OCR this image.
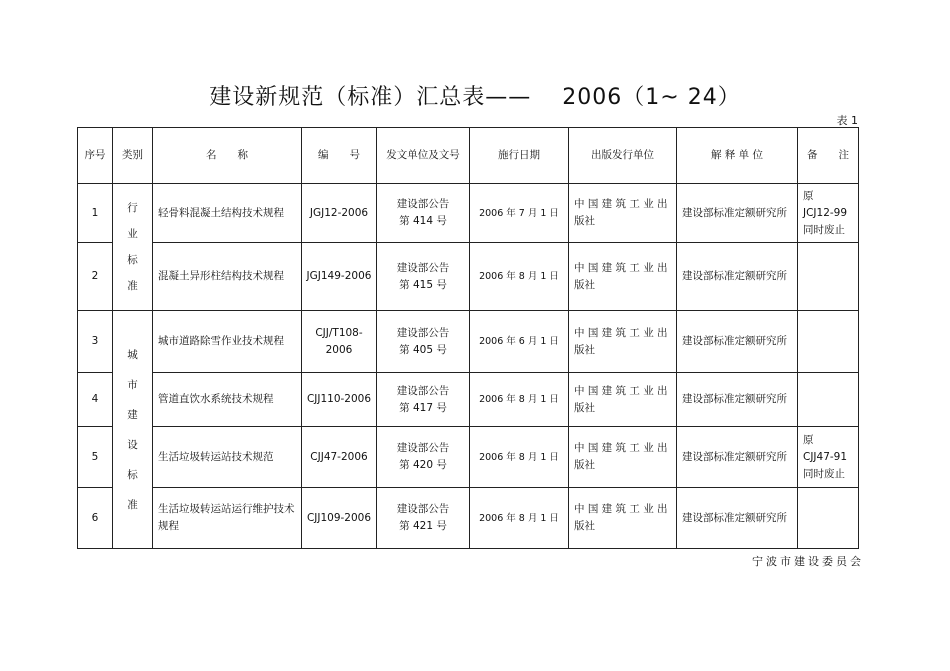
建设新规范（标准）汇总表——　 2006（1~ 24）
表 1
序号	类别	名　　称	编　　号	发文单位及文号	施行日期	出版发行单位	解 释 单 位	备　　注
1	行业标准	轻骨料混凝土结构技术规程	JGJ12-2006	建设部公告
第 414 号	2006 年 7 月 1 日	中 国 建 筑 工 业 出 版社	建设部标准定额研究所	原　 JCJ12-99 同时废止
2		混凝土异形柱结构技术规程	JGJ149-2006	建设部公告
第 415 号	2006 年 8 月 1 日	中 国 建 筑 工 业 出 版社	建设部标准定额研究所	
3	城市建设标准	城市道路除雪作业技术规程	CJJ/T108-2006	建设部公告
第 405 号	2006 年 6 月 1 日	中 国 建 筑 工 业 出 版社	建设部标准定额研究所	
4		管道直饮水系统技术规程	CJJ110-2006	建设部公告
第 417 号	2006 年 8 月 1 日	中 国 建 筑 工 业 出 版社	建设部标准定额研究所	
5		生活垃圾转运站技术规范	CJJ47-2006	建设部公告
第 420 号	2006 年 8 月 1 日	中 国 建 筑 工 业 出 版社	建设部标准定额研究所	原　 CJJ47-91 同时废止
6		生活垃圾转运站运行维护技术规程	CJJ109-2006	建设部公告
第 421 号	2006 年 8 月 1 日	中 国 建 筑 工 业 出 版社	建设部标准定额研究所	
宁波市建设委员会
